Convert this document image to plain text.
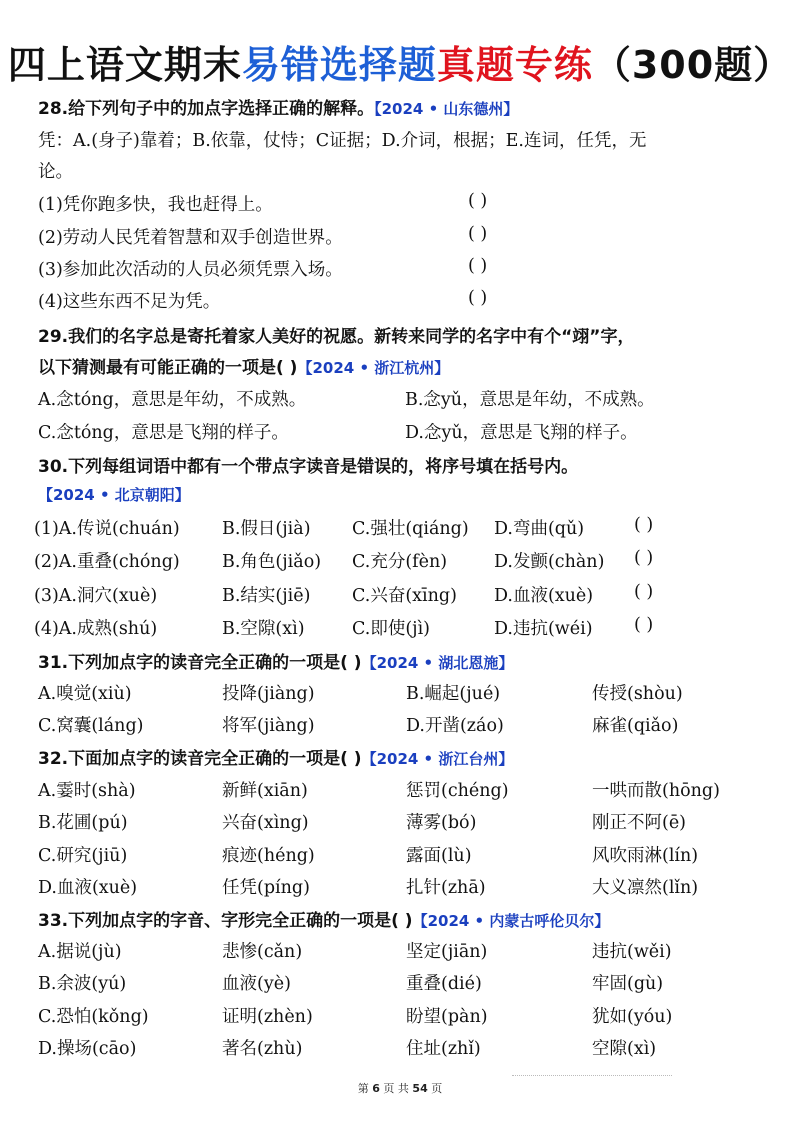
四上语文期末易错选择题真题专练（300题）
28.给下列句子中的加点字选择正确的解释。【2024 • 山东德州】
凭：A.(身子)靠着；B.依靠，仗恃；C证据；D.介词，根据；E.连词，任凭，无
论。
(1)凭你跑多快，我也赶得上。	( )
(2)劳动人民凭着智慧和双手创造世界。	( )
(3)参加此次活动的人员必须凭票入场。	( )
(4)这些东西不足为凭。	( )
29.我们的名字总是寄托着家人美好的祝愿。新转来同学的名字中有个“翊”字，
以下猜测最有可能正确的一项是( )【2024 • 浙江杭州】
A.念tóng，意思是年幼，不成熟。	B.念yǔ，意思是年幼，不成熟。
C.念tóng，意思是飞翔的样子。	D.念yǔ，意思是飞翔的样子。
30.下列每组词语中都有一个带点字读音是错误的，将序号填在括号内。
【2024 • 北京朝阳】
(1)A.传说(chuán) B.假日(jià) C.强壮(qiáng) D.弯曲(qǔ)	( )
(2)A.重叠(chóng) B.角色(jiǎo) C.充分(fèn)	D.发颤(chàn) ( )
(3)A.洞穴(xuè)	B.结实(jiē) C.兴奋(xīng) D.血液(xuè) ( )
(4)A.成熟(shú)	B.空隙(xì)	C.即使(jì)	D.违抗(wéi) ( )
31.下列加点字的读音完全正确的一项是( )【2024 • 湖北恩施】
A.嗅觉(xiù)	投降(jiàng)	B.崛起(jué)	传授(shòu)
C.窝囊(láng)	将军(jiàng)	D.开凿(záo)	麻雀(qiǎo)
32.下面加点字的读音完全正确的一项是( )【2024 • 浙江台州】
A.霎时(shà)	新鲜(xiān)	惩罚(chéng)	一哄而散(hōng)
B.花圃(pú)	兴奋(xìng)	薄雾(bó)	刚正不阿(ē)
C.研究(jiū)	痕迹(héng)	露面(lù)	风吹雨淋(lín)
D.血液(xuè)	任凭(píng)	扎针(zhā)	大义凛然(lǐn)
33.下列加点字的字音、字形完全正确的一项是( )【2024 • 内蒙古呼伦贝尔】
A.据说(jù)	悲惨(cǎn)	坚定(jiān)	违抗(wěi)
B.余波(yú)	血液(yè)	重叠(dié)	牢固(gù)
C.恐怕(kǒng)	证明(zhèn)	盼望(pàn)	犹如(yóu)
D.操场(cāo)	著名(zhù)	住址(zhǐ)	空隙(xì)
第 6 页 共 54 页
